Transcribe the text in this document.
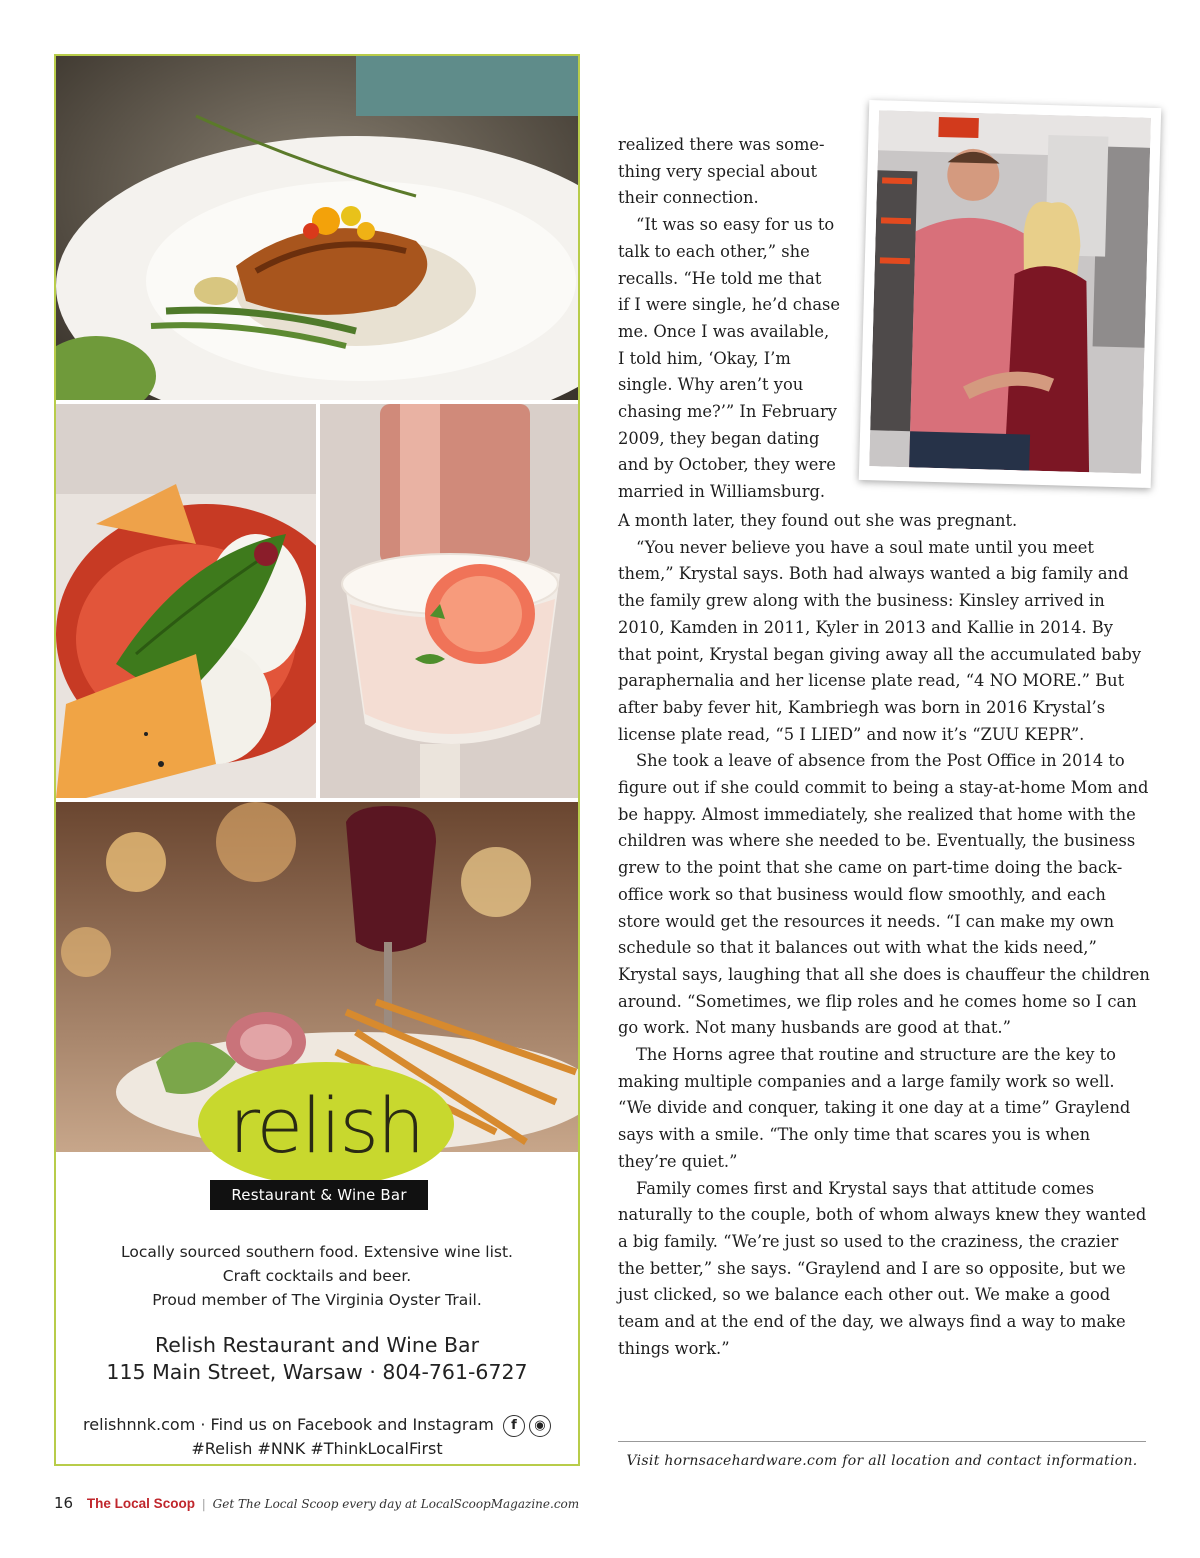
relish
Restaurant & Wine Bar
Locally sourced southern food. Extensive wine list.
Craft cocktails and beer.
Proud member of The Virginia Oyster Trail.
Relish Restaurant and Wine Bar
115 Main Street, Warsaw · 804-761-6727
relishnnk.com · Find us on Facebook and Instagram	f	◉
#Relish #NNK #ThinkLocalFirst
realized there was some-
thing very special about
their connection.
“It was so easy for us to
talk to each other,” she
recalls. “He told me that
if I were single, he’d chase
me. Once I was available,
I told him, ‘Okay, I’m
single. Why aren’t you
chasing me?’” In February
2009, they began dating
and by October, they were
married in Williamsburg.

A month later, they found out she was pregnant.

“You never believe you have a soul mate until you meet them,” Krystal says. Both had always wanted a big family and the family grew along with the business: Kinsley arrived in 2010, Kamden in 2011, Kyler in 2013 and Kallie in 2014. By that point, Krystal began giving away all the accumulated baby paraphernalia and her license plate read, “4 NO MORE.” But after baby fever hit, Kambriegh was born in 2016 Krystal’s license plate read, “5 I LIED” and now it’s “ZUU KEPR”.

She took a leave of absence from the Post Office in 2014 to figure out if she could commit to being a stay-at-home Mom and be happy. Almost immediately, she realized that home with the children was where she needed to be. Eventually, the business grew to the point that she came on part-time doing the back-office work so that business would flow smoothly, and each store would get the resources it needs. “I can make my own schedule so that it balances out with what the kids need,” Krystal says, laughing that all she does is chauffeur the children around. “Sometimes, we flip roles and he comes home so I can go work. Not many husbands are good at that.”

The Horns agree that routine and structure are the key to making multiple companies and a large family work so well. “We divide and conquer, taking it one day at a time” Graylend says with a smile. “The only time that scares you is when they’re quiet.”

Family comes first and Krystal says that attitude comes naturally to the couple, both of whom always knew they wanted a big family. “We’re just so used to the craziness, the crazier the better,” she says. “Graylend and I are so opposite, but we just clicked, so we balance each other out. We make a good team and at the end of the day, we always find a way to make things work.”

Visit hornsacehardware.com for all location and contact information.
16 The Local Scoop | Get The Local Scoop every day at LocalScoopMagazine.com
